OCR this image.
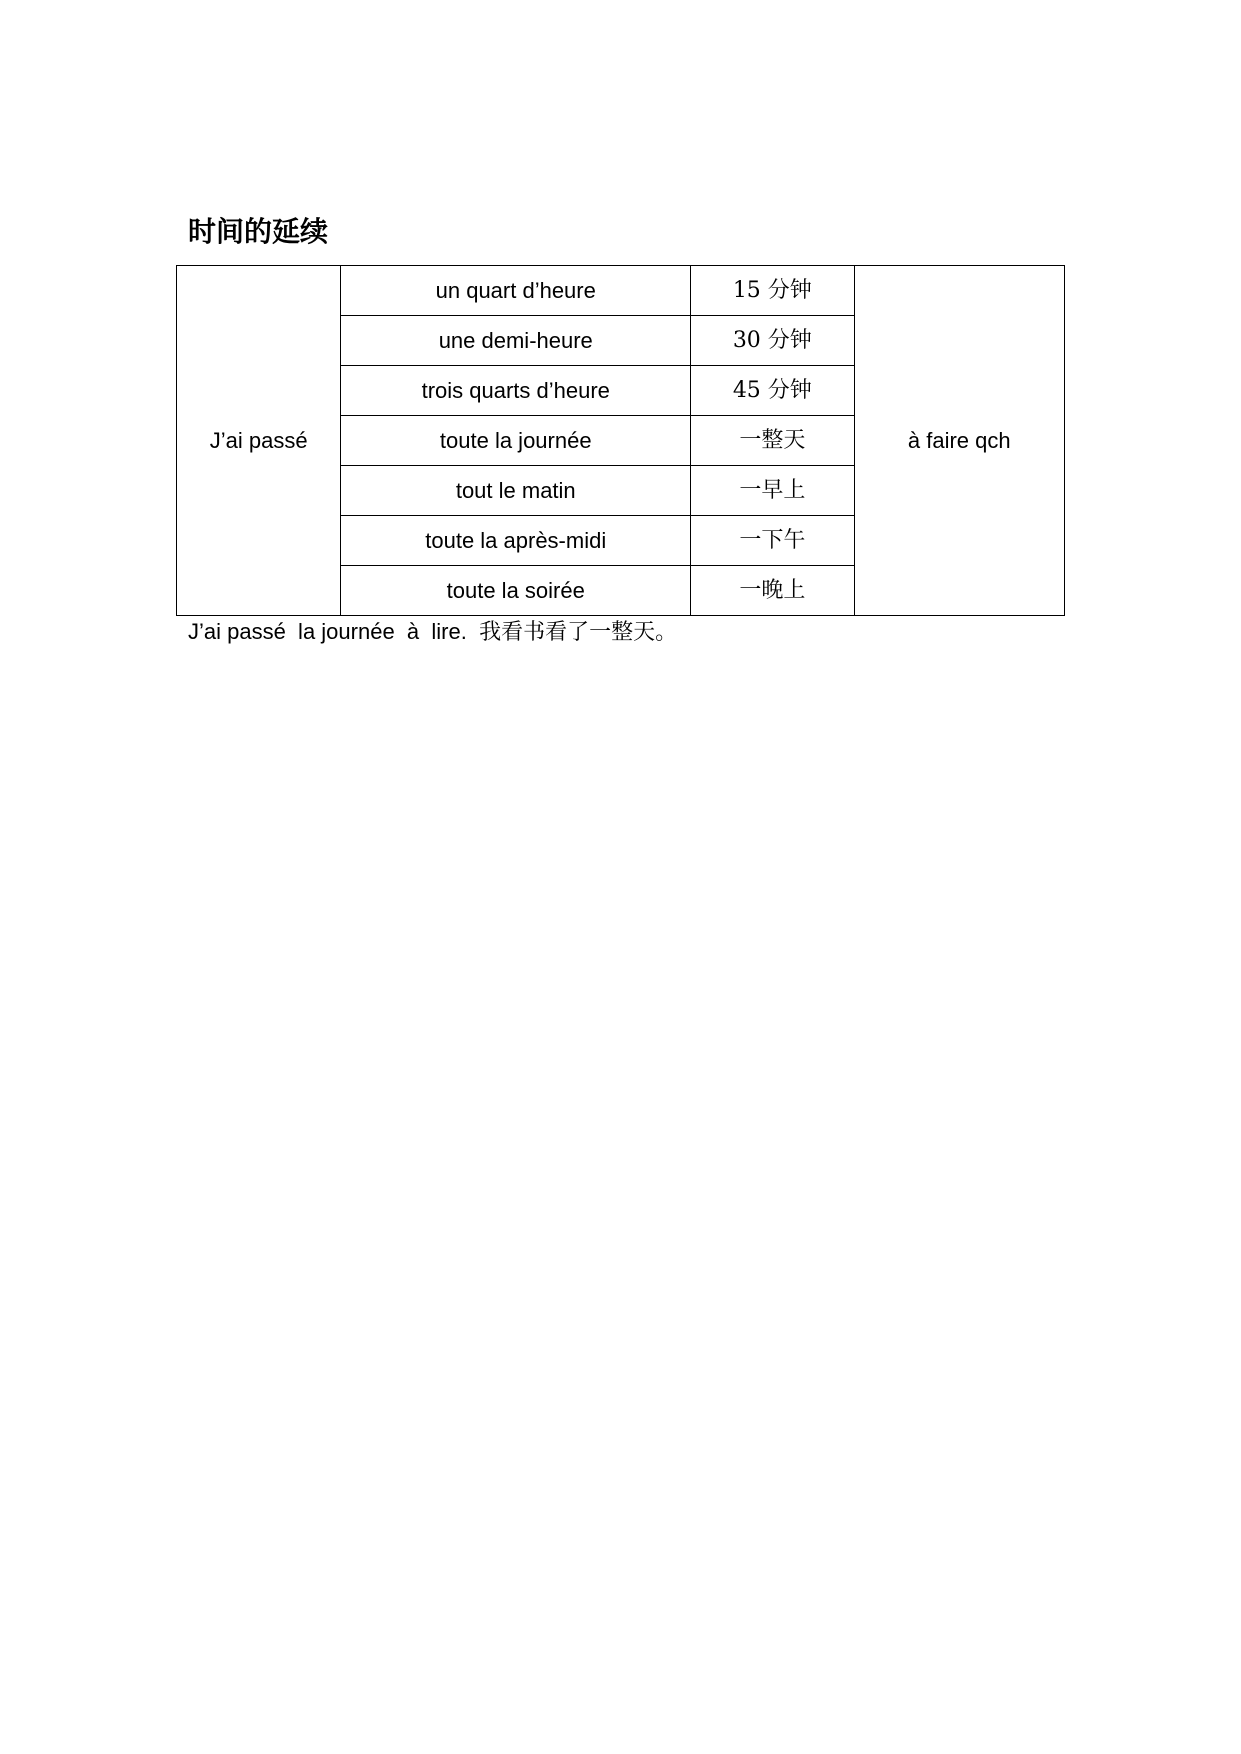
时间的延续
J’ai passé	un quart d’heure	15 分钟	à faire qch
	une demi-heure	30 分钟	
	trois quarts d’heure	45 分钟	
	toute la journée	一整天	
	tout le matin	一早上	
	toute la après-midi	一下午	
	toute la soirée	一晚上	
J’ai passé  la journée  à  lire. 我看书看了一整天。
